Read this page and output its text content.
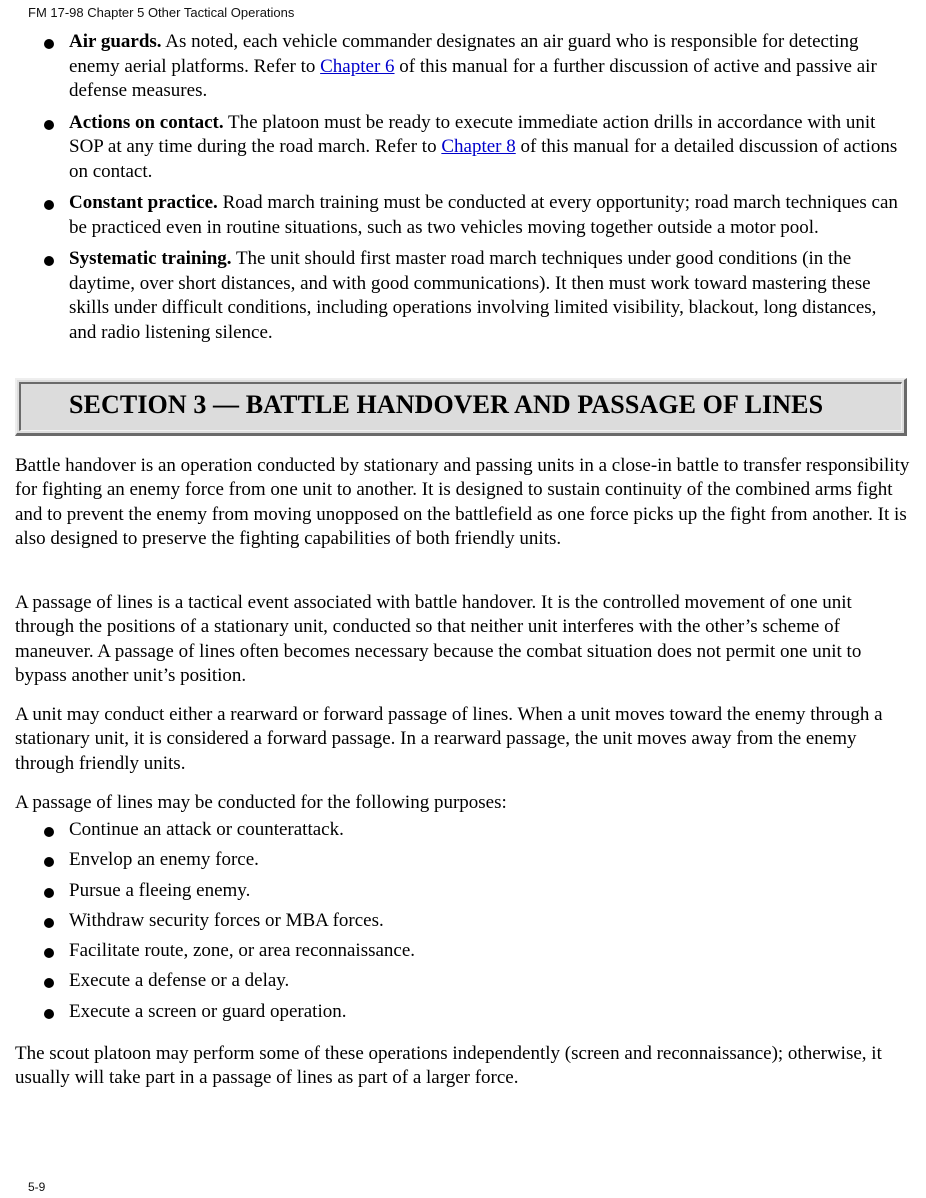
FM 17-98 Chapter 5 Other Tactical Operations
Air guards. As noted, each vehicle commander designates an air guard who is responsible for detecting enemy aerial platforms. Refer to Chapter 6 of this manual for a further discussion of active and passive air defense measures.
Actions on contact. The platoon must be ready to execute immediate action drills in accordance with unit SOP at any time during the road march. Refer to Chapter 8 of this manual for a detailed discussion of actions on contact.
Constant practice. Road march training must be conducted at every opportunity; road march techniques can be practiced even in routine situations, such as two vehicles moving together outside a motor pool.
Systematic training. The unit should first master road march techniques under good conditions (in the daytime, over short distances, and with good communications). It then must work toward mastering these skills under difficult conditions, including operations involving limited visibility, blackout, long distances, and radio listening silence.
SECTION 3 — BATTLE HANDOVER AND PASSAGE OF LINES
Battle handover is an operation conducted by stationary and passing units in a close-in battle to transfer responsibility for fighting an enemy force from one unit to another. It is designed to sustain continuity of the combined arms fight and to prevent the enemy from moving unopposed on the battlefield as one force picks up the fight from another. It is also designed to preserve the fighting capabilities of both friendly units.
A passage of lines is a tactical event associated with battle handover. It is the controlled movement of one unit through the positions of a stationary unit, conducted so that neither unit interferes with the other’s scheme of maneuver. A passage of lines often becomes necessary because the combat situation does not permit one unit to bypass another unit’s position.
A unit may conduct either a rearward or forward passage of lines. When a unit moves toward the enemy through a stationary unit, it is considered a forward passage. In a rearward passage, the unit moves away from the enemy through friendly units.
A passage of lines may be conducted for the following purposes:
Continue an attack or counterattack.
Envelop an enemy force.
Pursue a fleeing enemy.
Withdraw security forces or MBA forces.
Facilitate route, zone, or area reconnaissance.
Execute a defense or a delay.
Execute a screen or guard operation.
The scout platoon may perform some of these operations independently (screen and reconnaissance); otherwise, it usually will take part in a passage of lines as part of a larger force.
5-9
